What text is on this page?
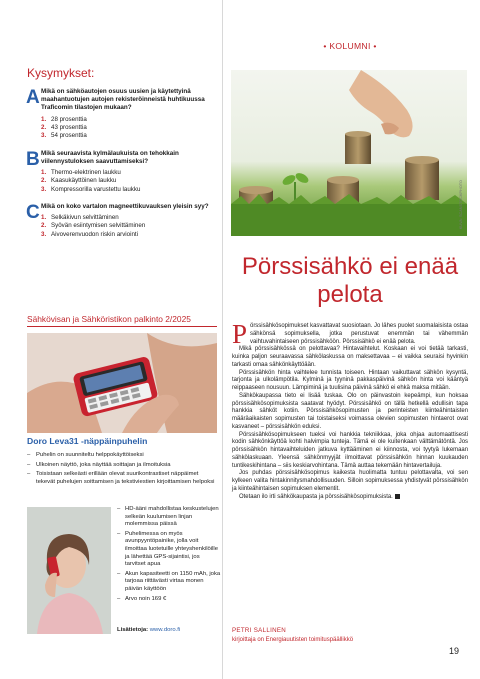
Kysymykset:
A Mikä on sähköautojen osuus uusien ja käytettyinä maahantuotujen autojen rekisteröinneistä huhtikuussa Traficomin tilastojen mukaan?
1. 28 prosenttia
2. 43 prosenttia
3. 54 prosenttia
B Mikä seuraavista kylmälaukuista on tehokkain viilennystuloksen saavuttamiseksi?
1. Thermo-elektrinen laukku
2. Kaasukäyttöinen laukku
3. Kompressorilla varustettu laukku
C Mikä on koko vartalon magneettikuvauksen yleisin syy?
1. Selkäkivun selvittäminen
2. Syövän esiintymisen selvittäminen
3. Aivoverenvuodon riskin arviointi
Sähkövisan ja Sähköristikon palkinto 2/2025
Doro Leva31 -näppäinpuhelin
– Puhelin on suunniteltu helppokäyttöiseksi
– Ulkoinen näyttö, joka näyttää soittajan ja ilmoituksia
– Toisistaan selkeästi erillään olevat suurikontrastiset näppäimet tekevät puhelujen soittamisen ja tekstiviestien kirjoittamisen helpoksi
– HD-ääni mahdollistaa keskustelujen selkeän kuulumisen linjan molemmissa päissä
– Puhelimessa on myös avunpyyntöpainike, jolla voit ilmoittaa luotetuille yhteyshenkilöille ja lähettää GPS-sijaintisi, jos tarvitset apua
– Akun kapasiteetti on 1150 mAh, joka tarjoaa riittävästi virtaa monen päivän käyttöön
– Arvo noin 169 €
Lisätietoja: www.doro.fi
• KOLUMNI •
KUVA: SCANSTOCKPHOTO
Pörssisähkö ei enää pelota
P örssisähkösopimukset kasvattavat suosiotaan. Jo lähes puolet suomalaisista ostaa sähkönsä sopimuksella, jotka perustuvat enemmän tai vähemmän vaihtuvahintaiseen pörssisähköön. Pörssisähkö ei enää pelota.

Mikä pörssisähkössä on pelottavaa? Hintavaihtelut. Koskaan ei voi tietää tarkasti, kuinka paljon seuraavassa sähkölaskussa on maksettavaa – ei vaikka seuraisi hyvinkin tarkasti omaa sähkönkäyttöään.

Pörssisähkön hinta vaihtelee tunnista toiseen. Hintaan vaikuttavat sähkön kysyntä, tarjonta ja ulkolämpötila. Kylminä ja tyyninä pakkaspäivinä sähkön hinta voi kääntyä reippaaseen nousuun. Lämpiminä ja tuulisina päivinä sähkö ei ehkä maksa mitään.

Sähkökaupassa tieto ei lisää tuskaa. Olo on päinvastoin kepeämpi, kun hoksaa pörssisähkösopimuksista saatavat hyödyt. Pörssisähkö on tällä hetkellä edullisin tapa hankkia sähköt kotiin. Pörssisähkösopimusten ja perinteisten kiinteähintaisten määräaikaisten sopimusten tai toistaiseksi voimassa olevien sopimusten hintaerot ovat kasvaneet – pörssisähkön eduksi.

Pörssisähkösopimukseen tueksi voi hankkia tekniikkaa, joka ohjaa automaattisesti kodin sähkönkäyttöä kohti halvimpia tunteja. Tämä ei ole kuitenkaan välttämätöntä. Jos pörssisähkön hintavaihteluiden jatkuva kyttääminen ei kiinnosta, voi tyytyä lukemaan sähkölaskuaan. Yleensä sähkönmyyjät ilmoittavat pörssisähkön hinnan kuukauden tuntikeskihintana – siis keskiarvohintana. Tämä auttaa tekemään hintavertailuja.

Jos puhdas pörssisähkösopimus kaikesta huolimatta tuntuu pelottavalta, voi sen kylkeen valita hintakinnitysmahdollisuuden. Silloin sopimuksessa yhdistyvät pörssisähkön ja kiinteähintaisen sopimuksen elementit.

Otetaan ilo irti sähkökaupasta ja pörssisähkösopimuksista.

PETRI SALLINEN
kirjoittaja on Energiauutisten toimituspäällikkö
19
